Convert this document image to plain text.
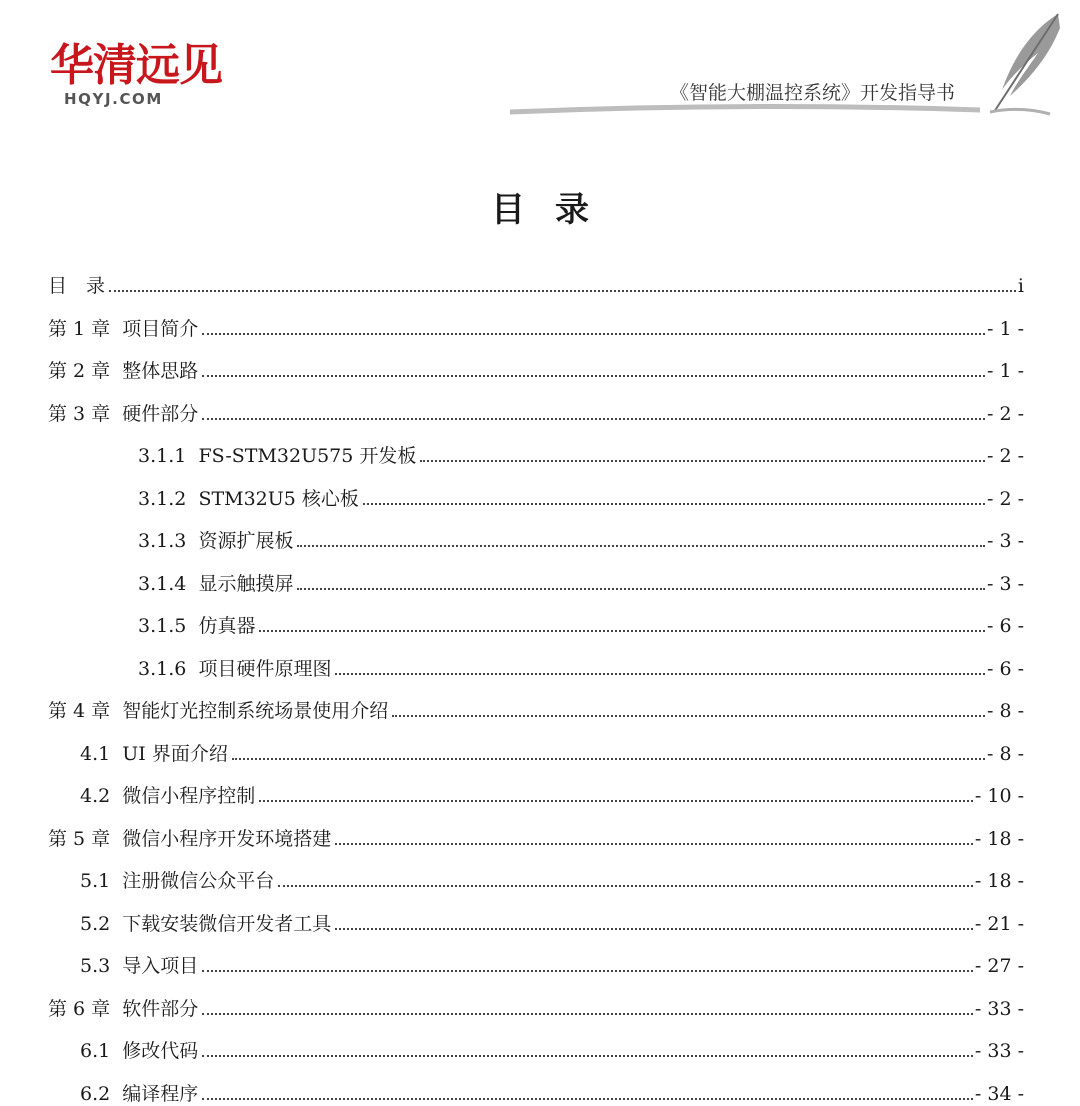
华清远见
HQYJ.COM	《智能大棚温控系统》开发指导书
目录
目　录	i
第 1 章 项目简介	- 1 -
第 2 章 整体思路	- 1 -
第 3 章 硬件部分	- 2 -
3.1.1 FS-STM32U575 开发板	- 2 -
3.1.2 STM32U5 核心板	- 2 -
3.1.3 资源扩展板	- 3 -
3.1.4 显示触摸屏	- 3 -
3.1.5 仿真器	- 6 -
3.1.6 项目硬件原理图	- 6 -
第 4 章 智能灯光控制系统场景使用介绍	- 8 -
4.1 UI 界面介绍	- 8 -
4.2 微信小程序控制	- 10 -
第 5 章 微信小程序开发环境搭建	- 18 -
5.1 注册微信公众平台	- 18 -
5.2 下载安装微信开发者工具	- 21 -
5.3 导入项目	- 27 -
第 6 章 软件部分	- 33 -
6.1 修改代码	- 33 -
6.2 编译程序	- 34 -
